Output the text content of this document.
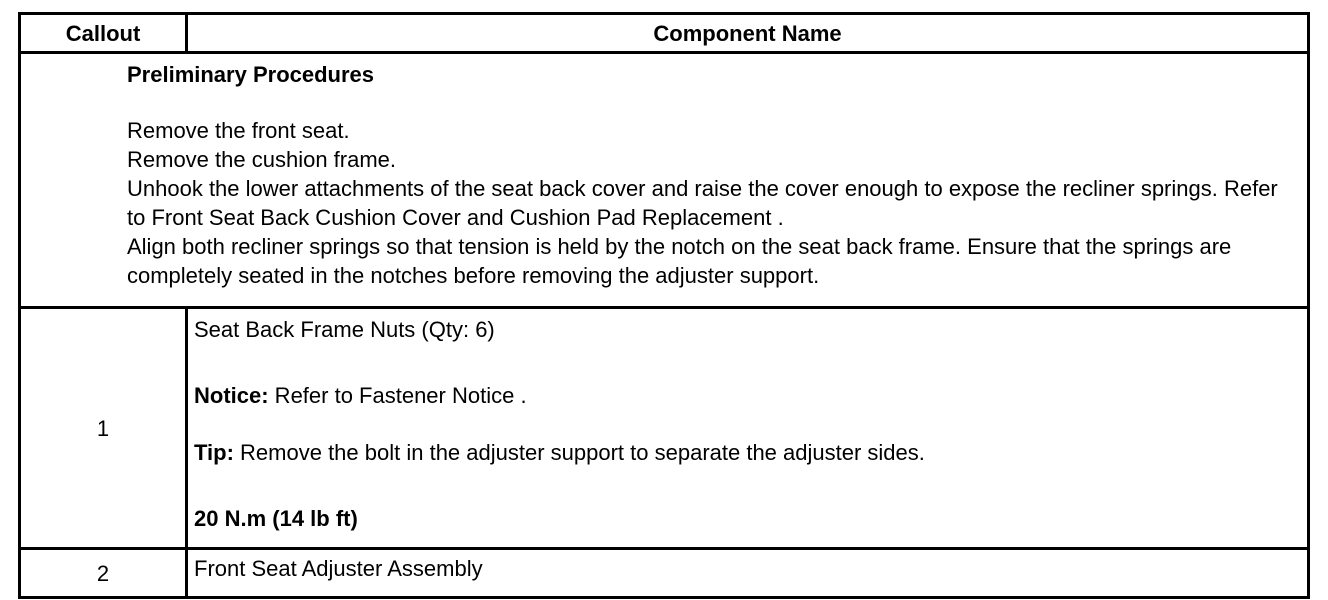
Callout	Component Name

Preliminary Procedures

Remove the front seat.

Remove the cushion frame.

Unhook the lower attachments of the seat back cover and raise the cover enough to expose the recliner springs. Refer to Front Seat Back Cushion Cover and Cushion Pad Replacement .

Align both recliner springs so that tension is held by the notch on the seat back frame. Ensure that the springs are completely seated in the notches before removing the adjuster support.	

1	Seat Back Frame Nuts (Qty: 6)

Notice: Refer to Fastener Notice .

Tip: Remove the bolt in the adjuster support to separate the adjuster sides.

20 N.m (14 lb ft)

2	Front Seat Adjuster Assembly
